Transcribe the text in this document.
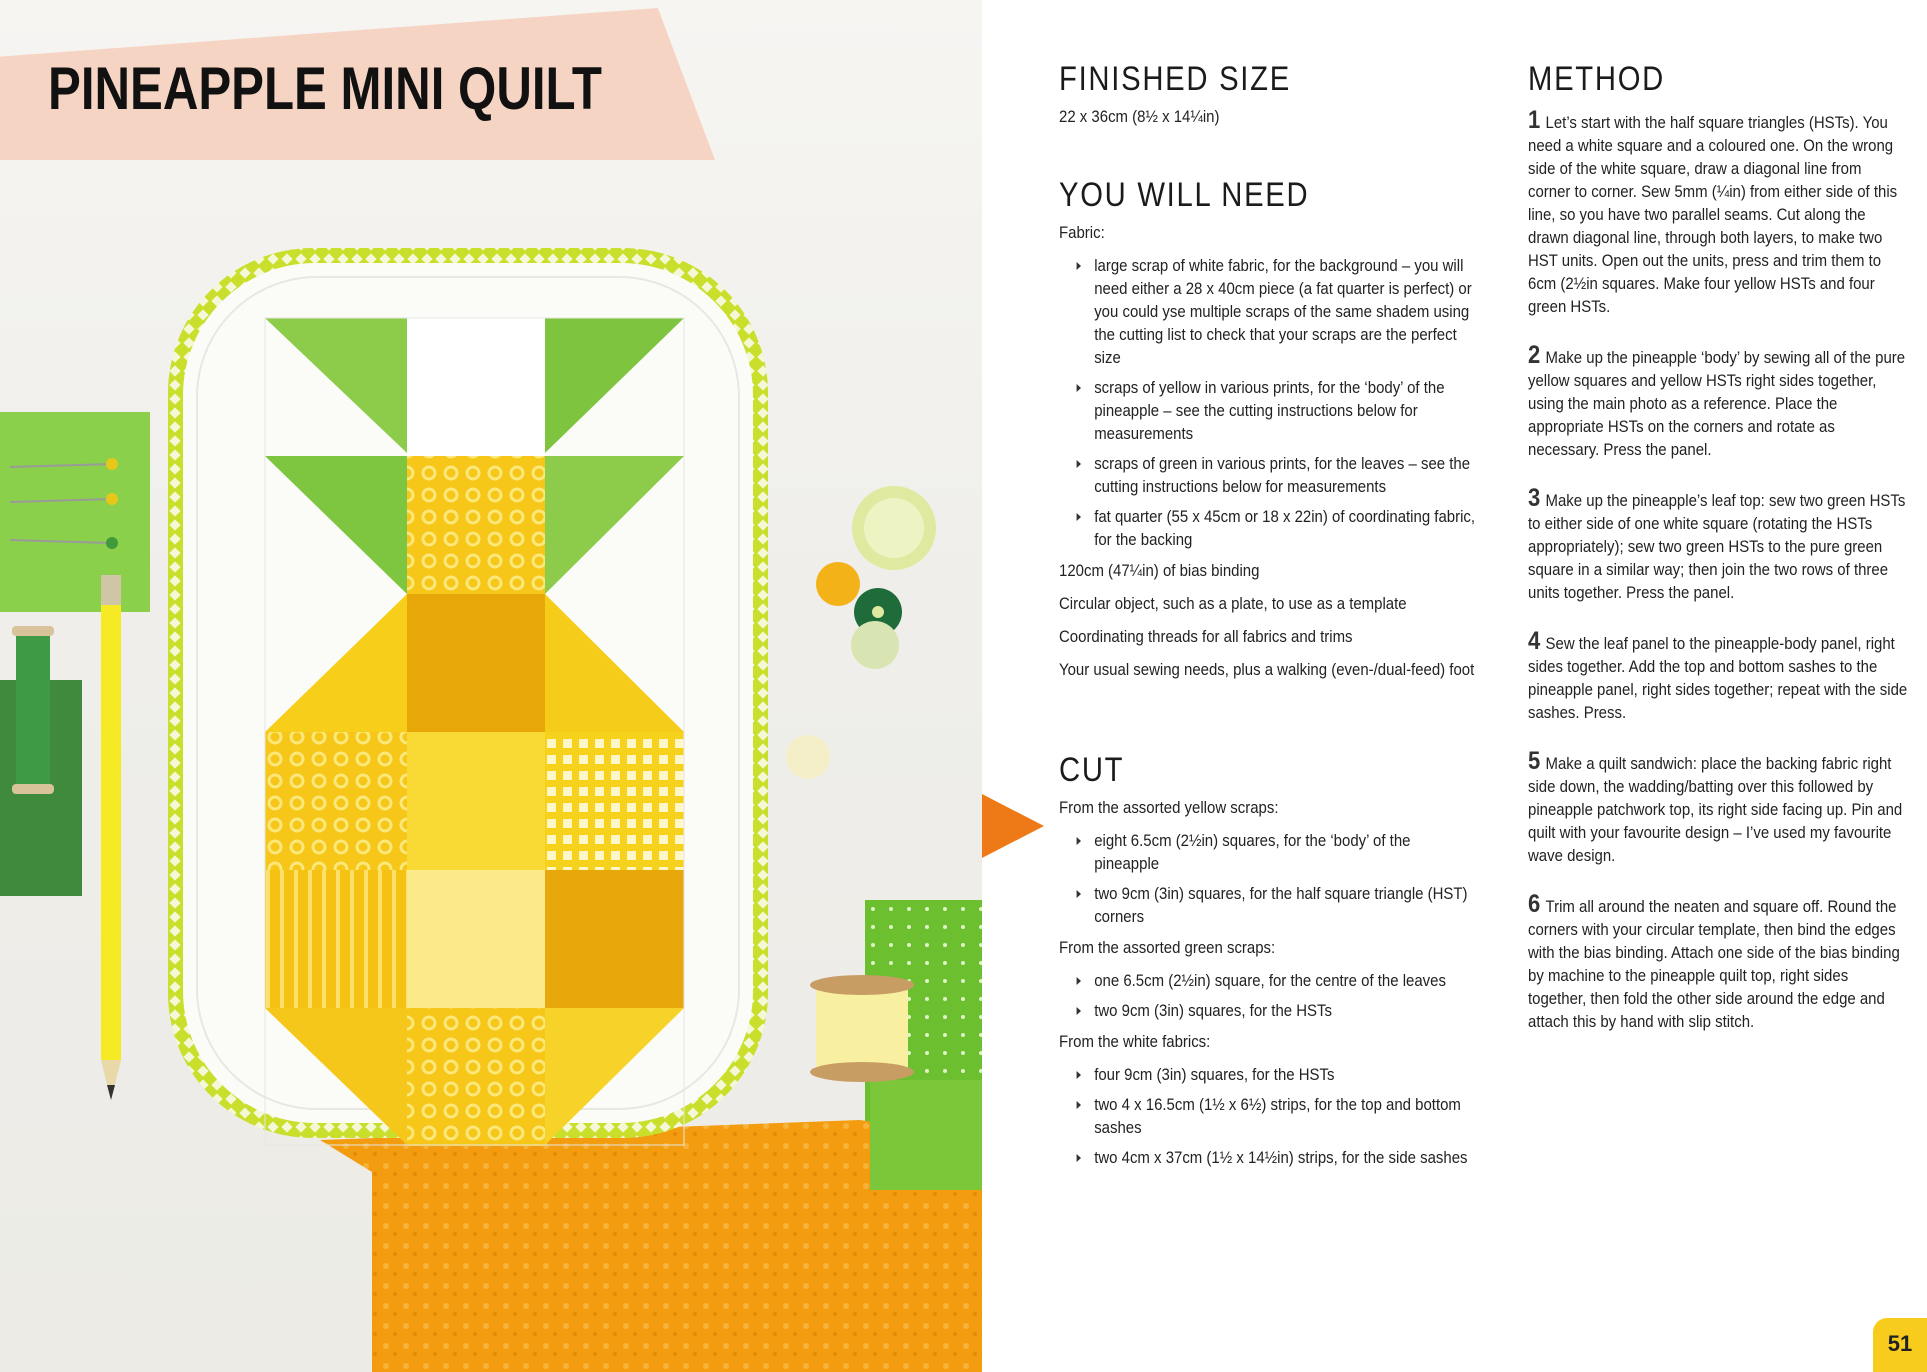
PINEAPPLE MINI QUILT	FINISHED SIZE
22 x 36cm (8½ x 14¼in)
YOU WILL NEED
Fabric:
large scrap of white fabric, for the background – you will need either a 28 x 40cm piece (a fat quarter is perfect) or you could yse multiple scraps of the same shadem using the cutting list to check that your scraps are the perfect size
scraps of yellow in various prints, for the ‘body’ of the pineapple – see the cutting instructions below for measurements
scraps of green in various prints, for the leaves – see the cutting instructions below for measurements
fat quarter (55 x 45cm or 18 x 22in) of coordinating fabric, for the backing
120cm (47¼in) of bias binding
Circular object, such as a plate, to use as a template
Coordinating threads for all fabrics and trims
Your usual sewing needs, plus a walking (even-/dual-feed) foot
CUT
From the assorted yellow scraps:
eight 6.5cm (2½in) squares, for the ‘body’ of the pineapple
two 9cm (3in) squares, for the half square triangle (HST) corners
From the assorted green scraps:
one 6.5cm (2½in) square, for the centre of the leaves
two 9cm (3in) squares, for the HSTs
From the white fabrics:
four 9cm (3in) squares, for the HSTs
two 4 x 16.5cm (1½ x 6½) strips, for the top and bottom sashes
two 4cm x 37cm (1½ x 14½in) strips, for the side sashes
METHOD
1 Let’s start with the half square triangles (HSTs). You need a white square and a coloured one. On the wrong side of the white square, draw a diagonal line from corner to corner. Sew 5mm (¼in) from either side of this line, so you have two parallel seams. Cut along the drawn diagonal line, through both layers, to make two HST units. Open out the units, press and trim them to 6cm (2½in squares. Make four yellow HSTs and four green HSTs.
2 Make up the pineapple ‘body’ by sewing all of the pure yellow squares and yellow HSTs right sides together, using the main photo as a reference. Place the appropriate HSTs on the corners and rotate as necessary. Press the panel.
3 Make up the pineapple’s leaf top: sew two green HSTs to either side of one white square (rotating the HSTs appropriately); sew two green HSTs to the pure green square in a similar way; then join the two rows of three units together. Press the panel.
4 Sew the leaf panel to the pineapple-body panel, right sides together. Add the top and bottom sashes to the pineapple panel, right sides together; repeat with the side sashes. Press.
5 Make a quilt sandwich: place the backing fabric right side down, the wadding/batting over this followed by pineapple patchwork top, its right side facing up. Pin and quilt with your favourite design – I’ve used my favourite wave design.
6 Trim all around the neaten and square off. Round the corners with your circular template, then bind the edges with the bias binding. Attach one side of the bias binding by machine to the pineapple quilt top, right sides together, then fold the other side around the edge and attach this by hand with slip stitch.
51
